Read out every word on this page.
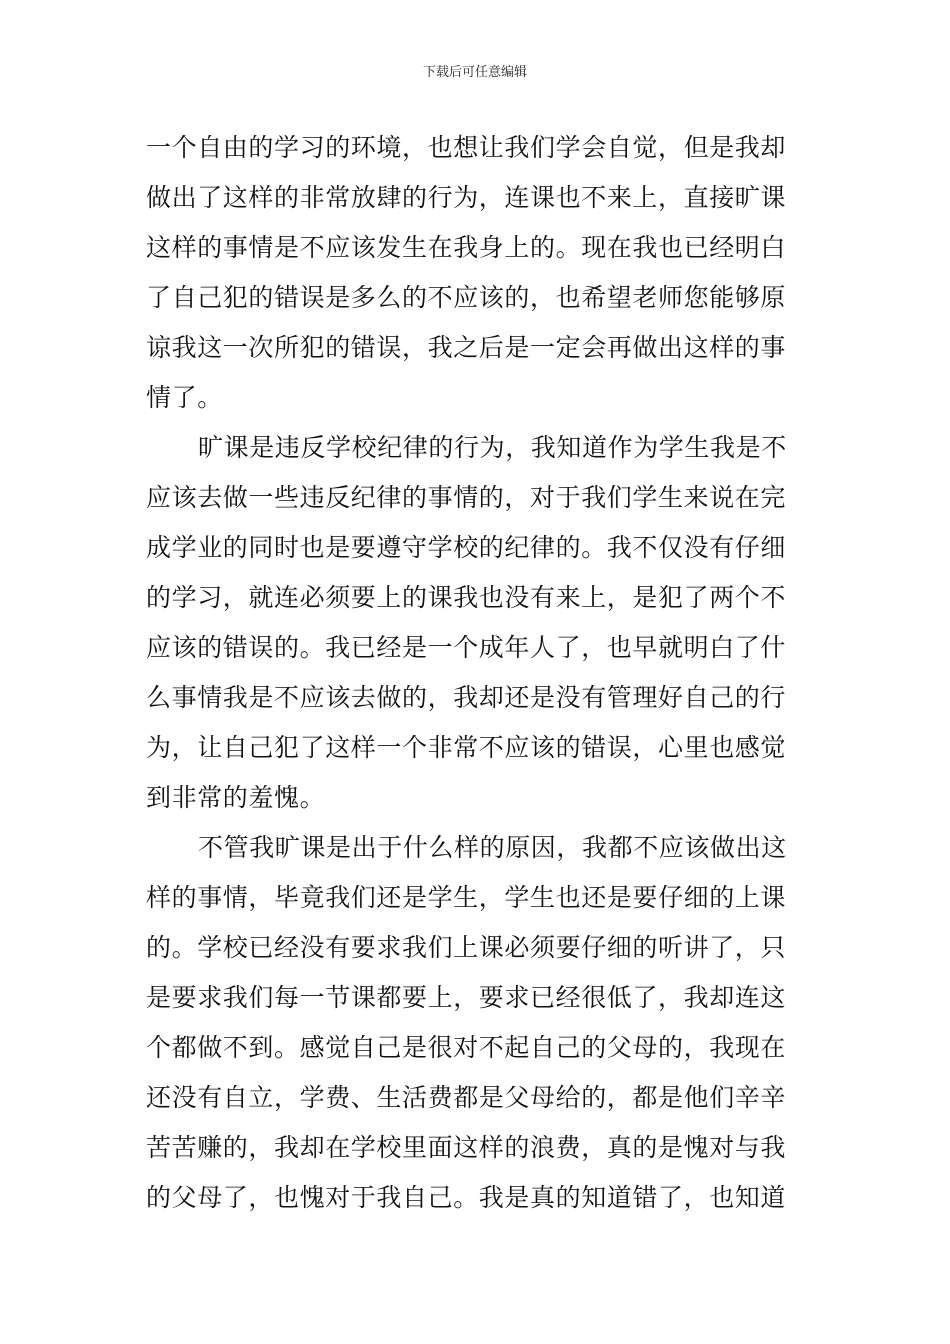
下载后可任意编辑
一个自由的学习的环境，也想让我们学会自觉，但是我却
做出了这样的非常放肆的行为，连课也不来上，直接旷课
这样的事情是不应该发生在我身上的。现在我也已经明白
了自己犯的错误是多么的不应该的，也希望老师您能够原
谅我这一次所犯的错误，我之后是一定会再做出这样的事
情了。
旷课是违反学校纪律的行为，我知道作为学生我是不
应该去做一些违反纪律的事情的，对于我们学生来说在完
成学业的同时也是要遵守学校的纪律的。我不仅没有仔细
的学习，就连必须要上的课我也没有来上，是犯了两个不
应该的错误的。我已经是一个成年人了，也早就明白了什
么事情我是不应该去做的，我却还是没有管理好自己的行
为，让自己犯了这样一个非常不应该的错误，心里也感觉
到非常的羞愧。
不管我旷课是出于什么样的原因，我都不应该做出这
样的事情，毕竟我们还是学生，学生也还是要仔细的上课
的。学校已经没有要求我们上课必须要仔细的听讲了，只
是要求我们每一节课都要上，要求已经很低了，我却连这
个都做不到。感觉自己是很对不起自己的父母的，我现在
还没有自立，学费、生活费都是父母给的，都是他们辛辛
苦苦赚的，我却在学校里面这样的浪费，真的是愧对与我
的父母了，也愧对于我自己。我是真的知道错了，也知道
